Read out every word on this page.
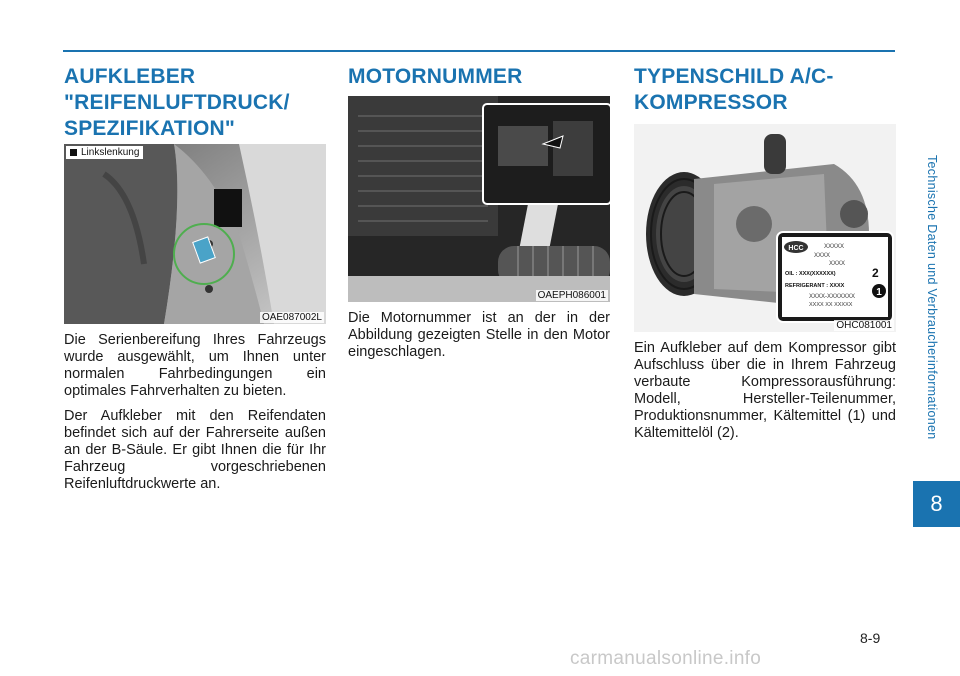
AUFKLEBER
"REIFENLUFTDRUCK/
SPEZIFIKATION"
Linkslenkung
OAE087002L

Die Serienbereifung Ihres Fahrzeugs wurde ausgewählt, um Ihnen unter normalen Fahrbedingungen ein optimales Fahrverhalten zu bieten.

Der Aufkleber mit den Reifendaten befindet sich auf der Fahrerseite außen an der B-Säule. Er gibt Ihnen die für Ihr Fahrzeug vorgeschriebenen Reifenluftdruckwerte an.

MOTORNUMMER
OAEPH086001

Die Motornummer ist an der in der Abbildung gezeigten Stelle in den Motor eingeschlagen.

TYPENSCHILD A/C-
KOMPRESSOR
HCC	XXXXX
XXXX
XXXX
OIL : XXX(XXXXXX)	2
REFRIGERANT : XXXX
XXXX-XXXXXXX
XXXX XX XXXXX
1
OHC081001

Ein Aufkleber auf dem Kompressor gibt Aufschluss über die in Ihrem Fahrzeug verbaute Kompressorausführung: Modell, Hersteller-Teilenummer, Produktionsnummer, Kältemittel (1) und Kältemittelöl (2).	Technische Daten und Verbraucherinformationen
8
8-9
carmanualsonline.info
